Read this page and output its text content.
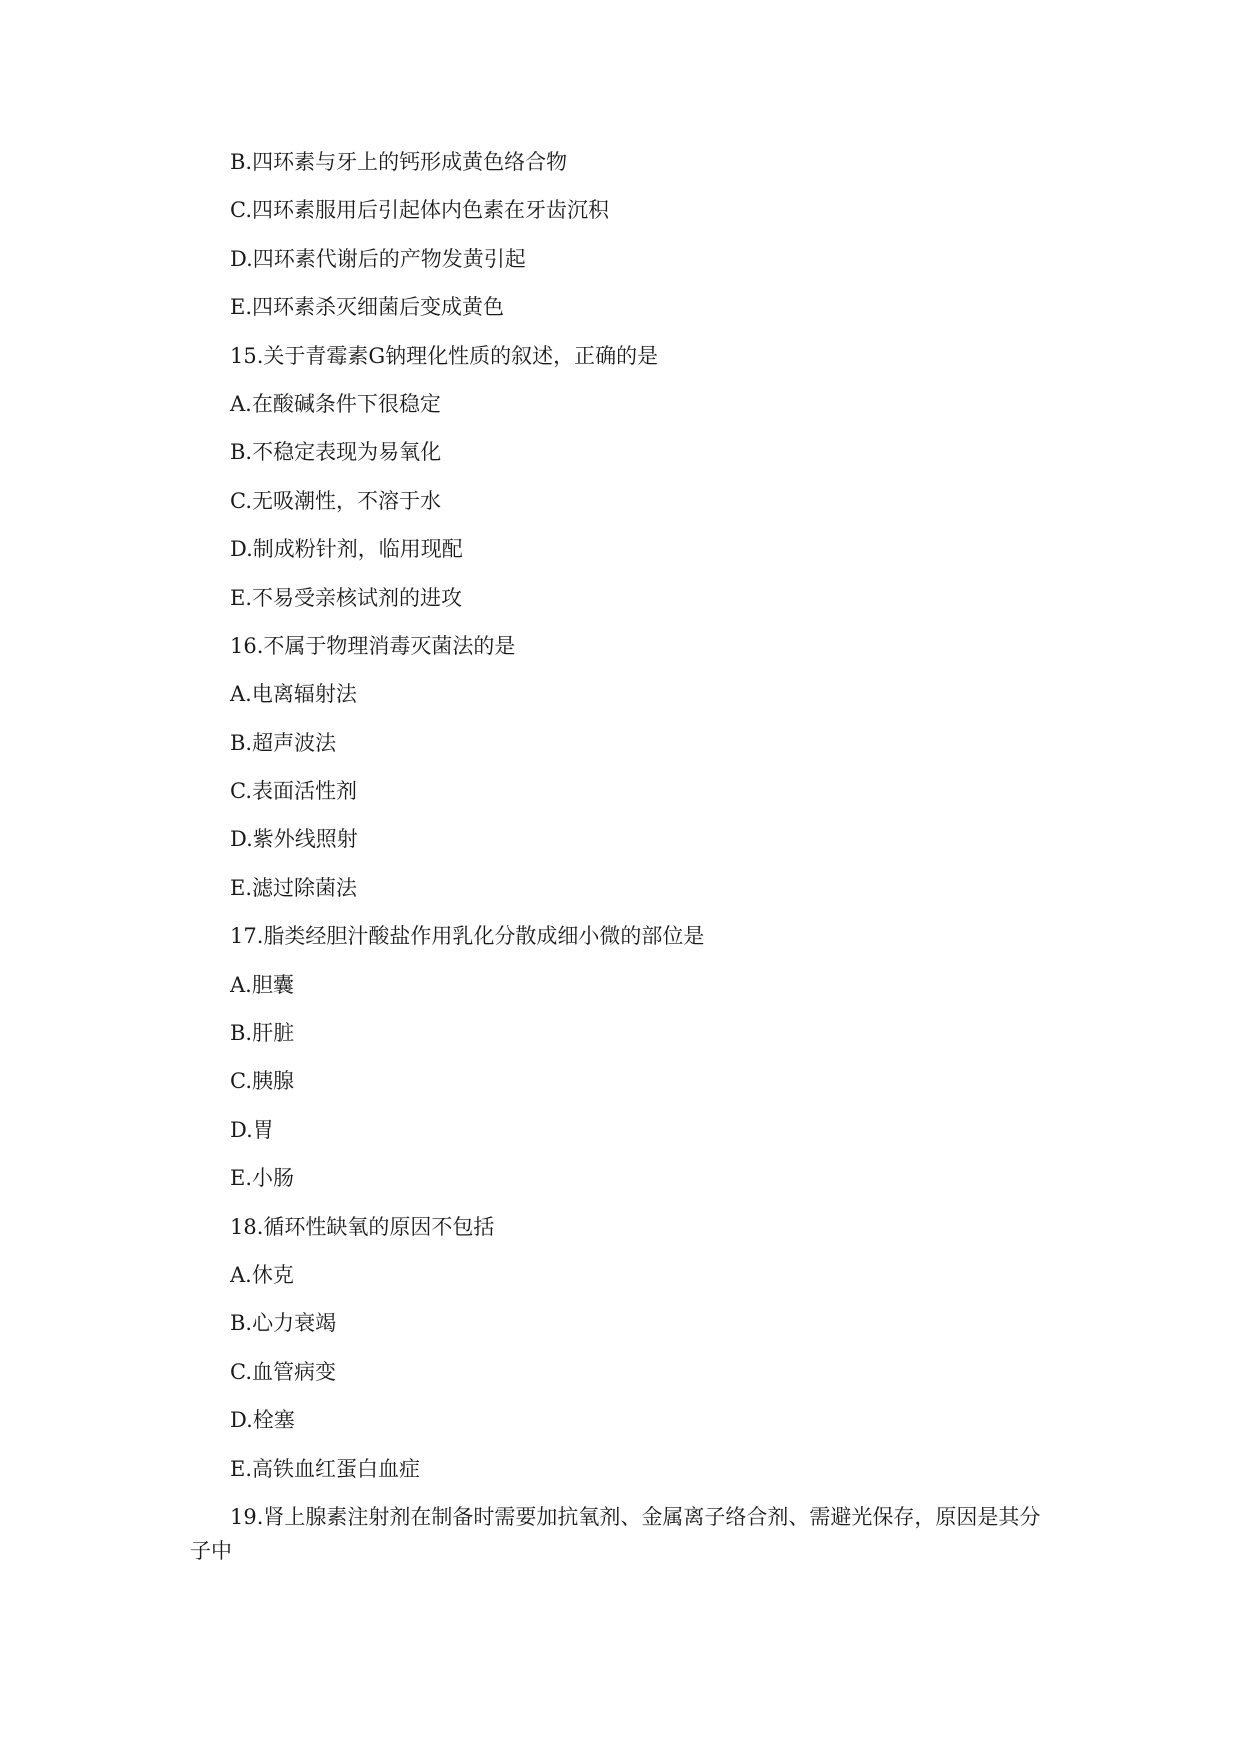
B.四环素与牙上的钙形成黄色络合物
C.四环素服用后引起体内色素在牙齿沉积
D.四环素代谢后的产物发黄引起
E.四环素杀灭细菌后变成黄色
15.关于青霉素G钠理化性质的叙述，正确的是
A.在酸碱条件下很稳定
B.不稳定表现为易氧化
C.无吸潮性，不溶于水
D.制成粉针剂，临用现配
E.不易受亲核试剂的进攻
16.不属于物理消毒灭菌法的是
A.电离辐射法
B.超声波法
C.表面活性剂
D.紫外线照射
E.滤过除菌法
17.脂类经胆汁酸盐作用乳化分散成细小微的部位是
A.胆囊
B.肝脏
C.胰腺
D.胃
E.小肠
18.循环性缺氧的原因不包括
A.休克
B.心力衰竭
C.血管病变
D.栓塞
E.高铁血红蛋白血症
19.肾上腺素注射剂在制备时需要加抗氧剂、金属离子络合剂、需避光保存，原因是其分子中
